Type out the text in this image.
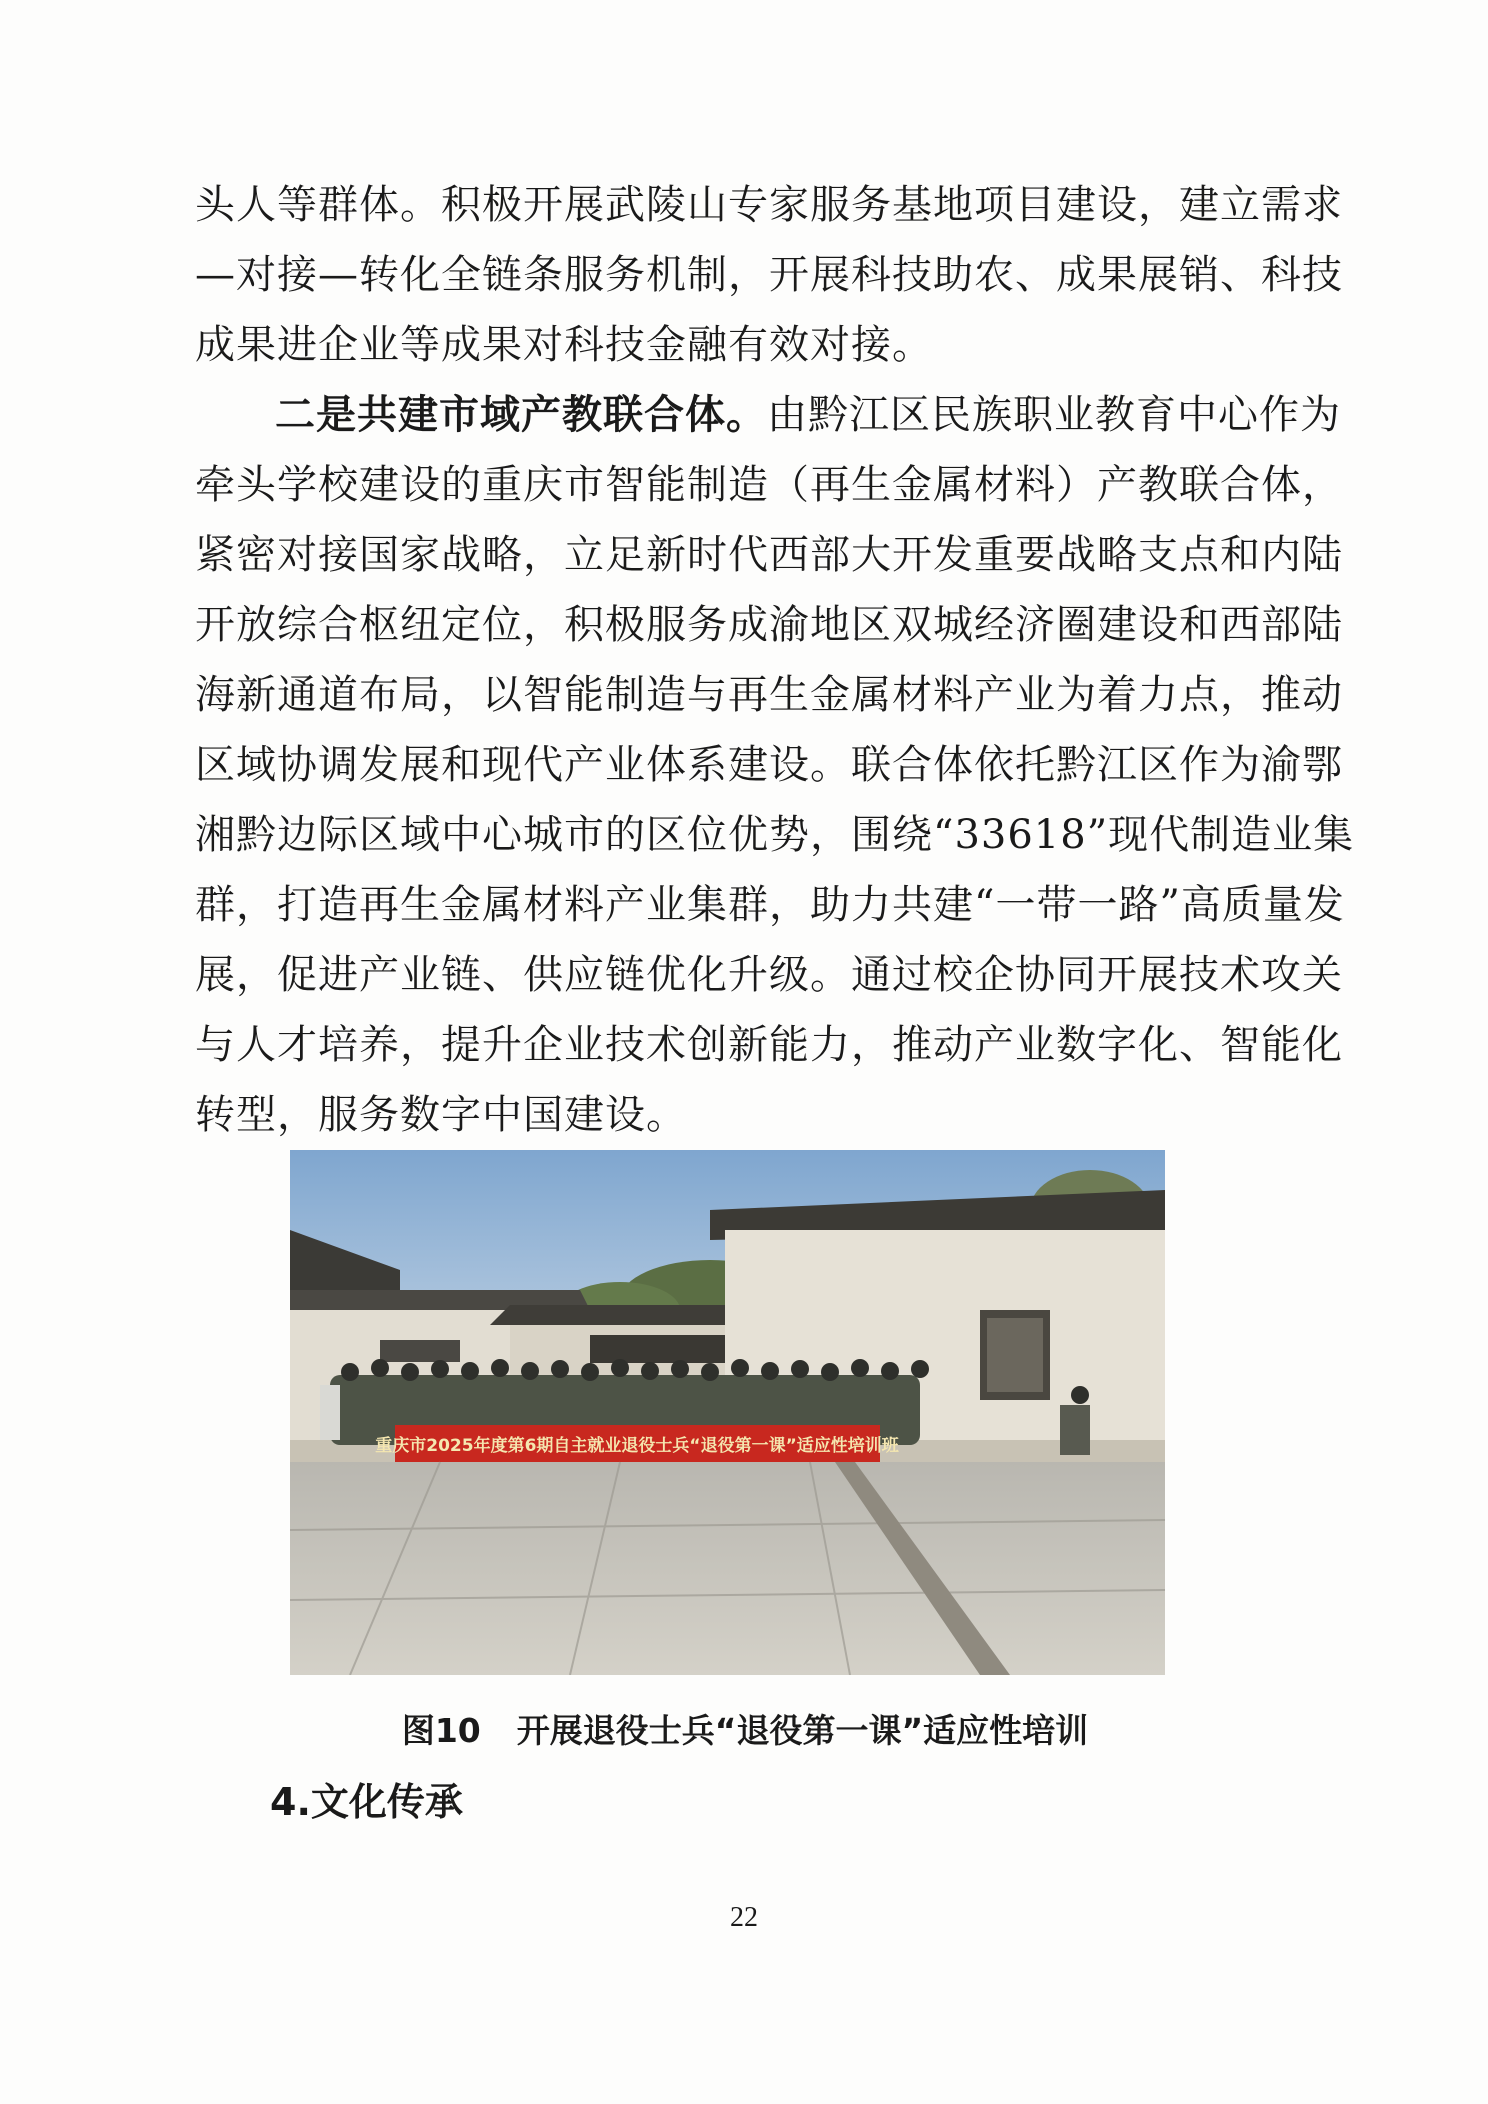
头人等群体。积极开展武陵山专家服务基地项目建设，建立需求
—对接—转化全链条服务机制，开展科技助农、成果展销、科技
成果进企业等成果对科技金融有效对接。
二是共建市域产教联合体。由黔江区民族职业教育中心作为
牵头学校建设的重庆市智能制造（再生金属材料）产教联合体，
紧密对接国家战略，立足新时代西部大开发重要战略支点和内陆
开放综合枢纽定位，积极服务成渝地区双城经济圈建设和西部陆
海新通道布局，以智能制造与再生金属材料产业为着力点，推动
区域协调发展和现代产业体系建设。联合体依托黔江区作为渝鄂
湘黔边际区域中心城市的区位优势，围绕“33618”现代制造业集
群，打造再生金属材料产业集群，助力共建“一带一路”高质量发
展，促进产业链、供应链优化升级。通过校企协同开展技术攻关
与人才培养，提升企业技术创新能力，推动产业数字化、智能化
转型，服务数字中国建设。
重庆市2025年度第6期自主就业退役士兵“退役第一课”适应性培训班
图10 开展退役士兵“退役第一课”适应性培训
4.文化传承
22
